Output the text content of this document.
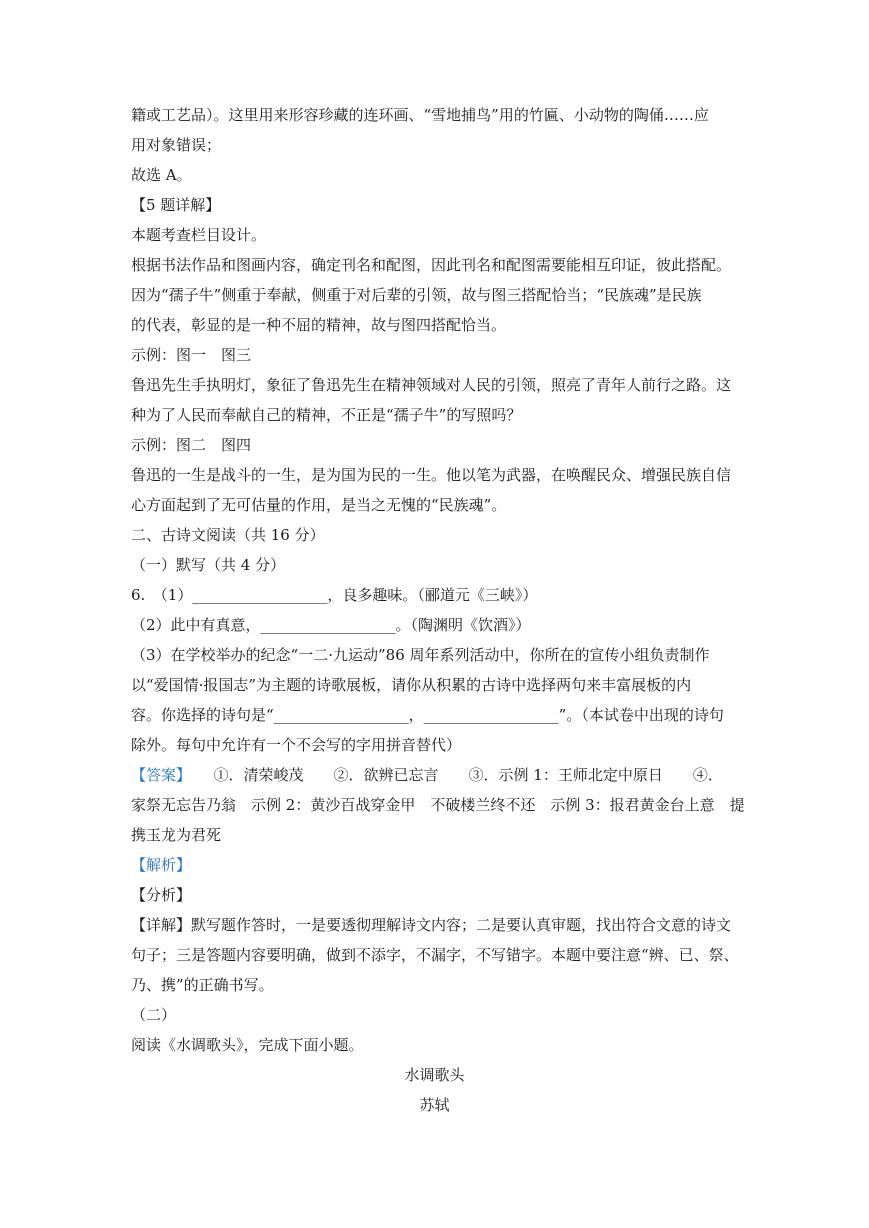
籍或工艺品）。这里用来形容珍藏的连环画、“雪地捕鸟”用的竹匾、小动物的陶俑……应
用对象错误；
故选 A。
【5 题详解】
本题考查栏目设计。
根据书法作品和图画内容，确定刊名和配图，因此刊名和配图需要能相互印证，彼此搭配。
因为“孺子牛”侧重于奉献，侧重于对后辈的引领，故与图三搭配恰当；“民族魂”是民族
的代表，彰显的是一种不屈的精神，故与图四搭配恰当。
示例：图一　图三
鲁迅先生手执明灯，象征了鲁迅先生在精神领域对人民的引领，照亮了青年人前行之路。这
种为了人民而奉献自己的精神，不正是“孺子牛”的写照吗？
示例：图二　图四
鲁迅的一生是战斗的一生，是为国为民的一生。他以笔为武器，在唤醒民众、增强民族自信
心方面起到了无可估量的作用，是当之无愧的“民族魂”。
二、古诗文阅读（共 16 分）
（一）默写（共 4 分）
6.　（1）__________________，良多趣味。（郦道元《三峡》）
（2）此中有真意，__________________。（陶渊明《饮酒》）
（3）在学校举办的纪念“一二·九运动”86 周年系列活动中，你所在的宣传小组负责制作
以“爱国情·报国志”为主题的诗歌展板，请你从积累的古诗中选择两句来丰富展板的内
容。你选择的诗句是“__________________，__________________”。（本试卷中出现的诗句
除外。每句中允许有一个不会写的字用拼音替代）
【答案】　　①．清荣峻茂　　②．欲辨已忘言　　③．示例 1：王师北定中原日　　④．
家祭无忘告乃翁　示例 2：黄沙百战穿金甲　不破楼兰终不还　示例 3：报君黄金台上意　提
携玉龙为君死
【解析】
【分析】
【详解】默写题作答时，一是要透彻理解诗文内容；二是要认真审题，找出符合文意的诗文
句子；三是答题内容要明确，做到不添字，不漏字，不写错字。本题中要注意“辨、已、祭、
乃、携”的正确书写。
（二）
阅读《水调歌头》，完成下面小题。
水调歌头
苏轼
